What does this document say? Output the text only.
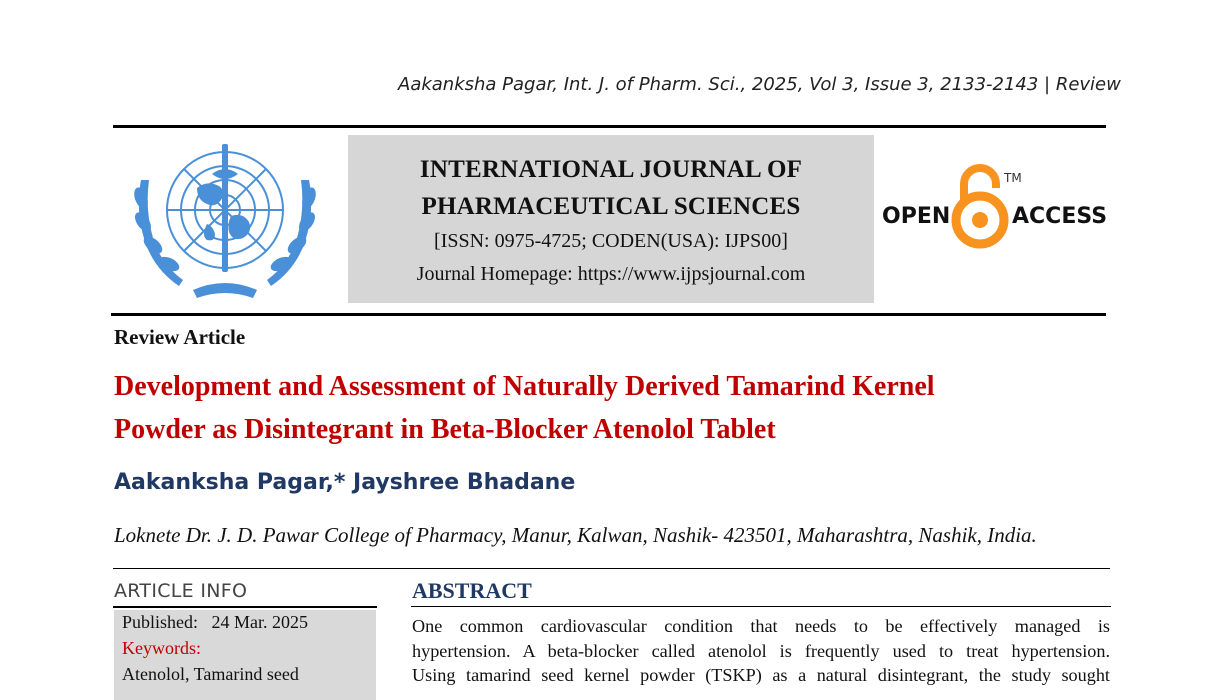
Aakanksha Pagar, Int. J. of Pharm. Sci., 2025, Vol 3, Issue 3, 2133-2143 | Review
INTERNATIONAL JOURNAL OF
PHARMACEUTICAL SCIENCES
[ISSN: 0975-4725; CODEN(USA): IJPS00]
Journal Homepage: https://www.ijpsjournal.com
OPEN	ACCESS
TM
Review Article
Development and Assessment of Naturally Derived Tamarind Kernel
Powder as Disintegrant in Beta-Blocker Atenolol Tablet
Aakanksha Pagar,* Jayshree Bhadane
Loknete Dr. J. D. Pawar College of Pharmacy, Manur, Kalwan, Nashik- 423501, Maharashtra, Nashik, India.
ARTICLE INFO
Published: 24 Mar. 2025
Keywords:
Atenolol, Tamarind seed
ABSTRACT
One common cardiovascular condition that needs to be effectively managed is
hypertension. A beta-blocker called atenolol is frequently used to treat hypertension.
Using tamarind seed kernel powder (TSKP) as a natural disintegrant, the study sought
